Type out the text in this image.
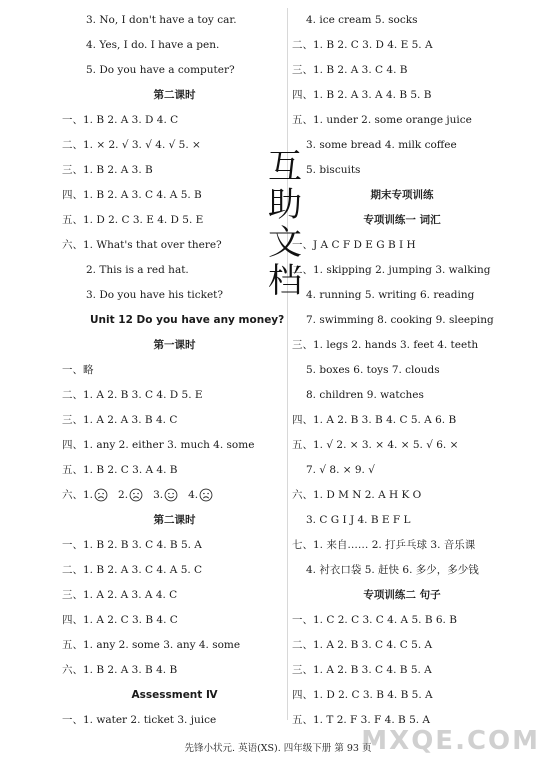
3. No, I don't have a toy car.
4. Yes, I do. I have a pen.
5. Do you have a computer?
第二课时
一、1. B 2. A 3. D 4. C
二、1. × 2. √ 3. √ 4. √ 5. ×
三、1. B 2. A 3. B
四、1. B 2. A 3. C 4. A 5. B
五、1. D 2. C 3. E 4. D 5. E
六、1. What's that over there?
2. This is a red hat.
3. Do you have his ticket?
Unit 12 Do you have any money?
第一课时
一、略
二、1. A 2. B 3. C 4. D 5. E
三、1. A 2. A 3. B 4. C
四、1. any 2. either 3. much 4. some
五、1. B 2. C 3. A 4. B
六、1. 2. 3. 4.
第二课时
一、1. B 2. B 3. C 4. B 5. A
二、1. B 2. A 3. C 4. A 5. C
三、1. A 2. A 3. A 4. C
四、1. A 2. C 3. B 4. C
五、1. any 2. some 3. any 4. some
六、1. B 2. A 3. B 4. B
Assessment Ⅳ
一、1. water 2. ticket 3. juice
4. ice cream 5. socks
二、1. B 2. C 3. D 4. E 5. A
三、1. B 2. A 3. C 4. B
四、1. B 2. A 3. A 4. B 5. B
五、1. under 2. some orange juice
3. some bread 4. milk coffee
5. biscuits
期末专项训练
专项训练一 词汇
一、J A C F D E G B I H
二、1. skipping 2. jumping 3. walking
4. running 5. writing 6. reading
7. swimming 8. cooking 9. sleeping
三、1. legs 2. hands 3. feet 4. teeth
5. boxes 6. toys 7. clouds
8. children 9. watches
四、1. A 2. B 3. B 4. C 5. A 6. B
五、1. √ 2. × 3. × 4. × 5. √ 6. ×
7. √ 8. × 9. √
六、1. D M N 2. A H K O
3. C G I J 4. B E F L
七、1. 来自…… 2. 打乒乓球 3. 音乐课
4. 衬衣口袋 5. 赶快 6. 多少，多少钱
专项训练二 句子
一、1. C 2. C 3. C 4. A 5. B 6. B
二、1. A 2. B 3. C 4. C 5. A
三、1. A 2. B 3. C 4. B 5. A
四、1. D 2. C 3. B 4. B 5. A
五、1. T 2. F 3. F 4. B 5. A
互
助
文
档
先锋小状元. 英语(XS). 四年级下册 第 93 页
MXQE.COM
